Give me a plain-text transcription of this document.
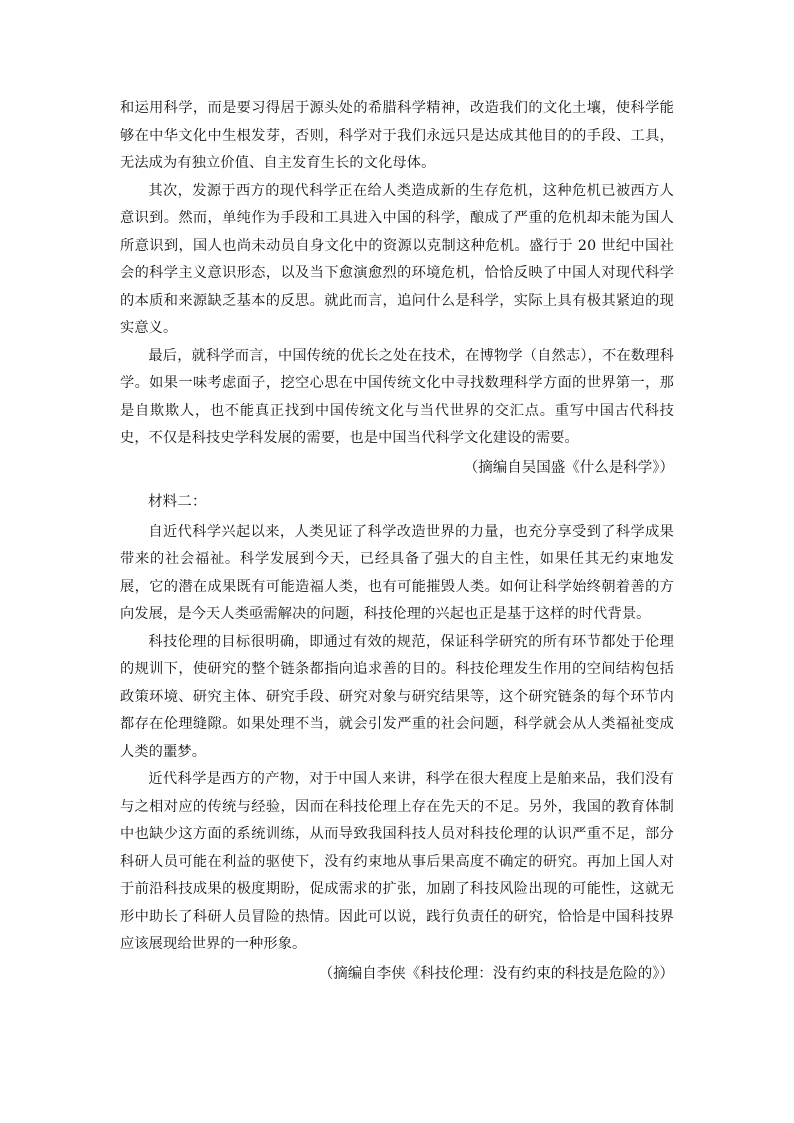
和运用科学，而是要习得居于源头处的希腊科学精神，改造我们的文化土壤，使科学能够在中华文化中生根发芽，否则，科学对于我们永远只是达成其他目的的手段、工具，无法成为有独立价值、自主发育生长的文化母体。

其次，发源于西方的现代科学正在给人类造成新的生存危机，这种危机已被西方人意识到。然而，单纯作为手段和工具进入中国的科学，酿成了严重的危机却未能为国人所意识到，国人也尚未动员自身文化中的资源以克制这种危机。盛行于 20 世纪中国社会的科学主义意识形态，以及当下愈演愈烈的环境危机，恰恰反映了中国人对现代科学的本质和来源缺乏基本的反思。就此而言，追问什么是科学，实际上具有极其紧迫的现实意义。

最后，就科学而言，中国传统的优长之处在技术，在博物学（自然志），不在数理科学。如果一味考虑面子，挖空心思在中国传统文化中寻找数理科学方面的世界第一，那是自欺欺人，也不能真正找到中国传统文化与当代世界的交汇点。重写中国古代科技史，不仅是科技史学科发展的需要，也是中国当代科学文化建设的需要。

（摘编自吴国盛《什么是科学》）

材料二：

自近代科学兴起以来，人类见证了科学改造世界的力量，也充分享受到了科学成果带来的社会福祉。科学发展到今天，已经具备了强大的自主性，如果任其无约束地发展，它的潜在成果既有可能造福人类，也有可能摧毁人类。如何让科学始终朝着善的方向发展，是今天人类亟需解决的问题，科技伦理的兴起也正是基于这样的时代背景。

科技伦理的目标很明确，即通过有效的规范，保证科学研究的所有环节都处于伦理的规训下，使研究的整个链条都指向追求善的目的。科技伦理发生作用的空间结构包括政策环境、研究主体、研究手段、研究对象与研究结果等，这个研究链条的每个环节内都存在伦理缝隙。如果处理不当，就会引发严重的社会问题，科学就会从人类福祉变成人类的噩梦。

近代科学是西方的产物，对于中国人来讲，科学在很大程度上是舶来品，我们没有与之相对应的传统与经验，因而在科技伦理上存在先天的不足。另外，我国的教育体制中也缺少这方面的系统训练，从而导致我国科技人员对科技伦理的认识严重不足，部分科研人员可能在利益的驱使下，没有约束地从事后果高度不确定的研究。再加上国人对于前沿科技成果的极度期盼，促成需求的扩张，加剧了科技风险出现的可能性，这就无形中助长了科研人员冒险的热情。因此可以说，践行负责任的研究，恰恰是中国科技界应该展现给世界的一种形象。

（摘编自李侠《科技伦理：没有约束的科技是危险的》）
